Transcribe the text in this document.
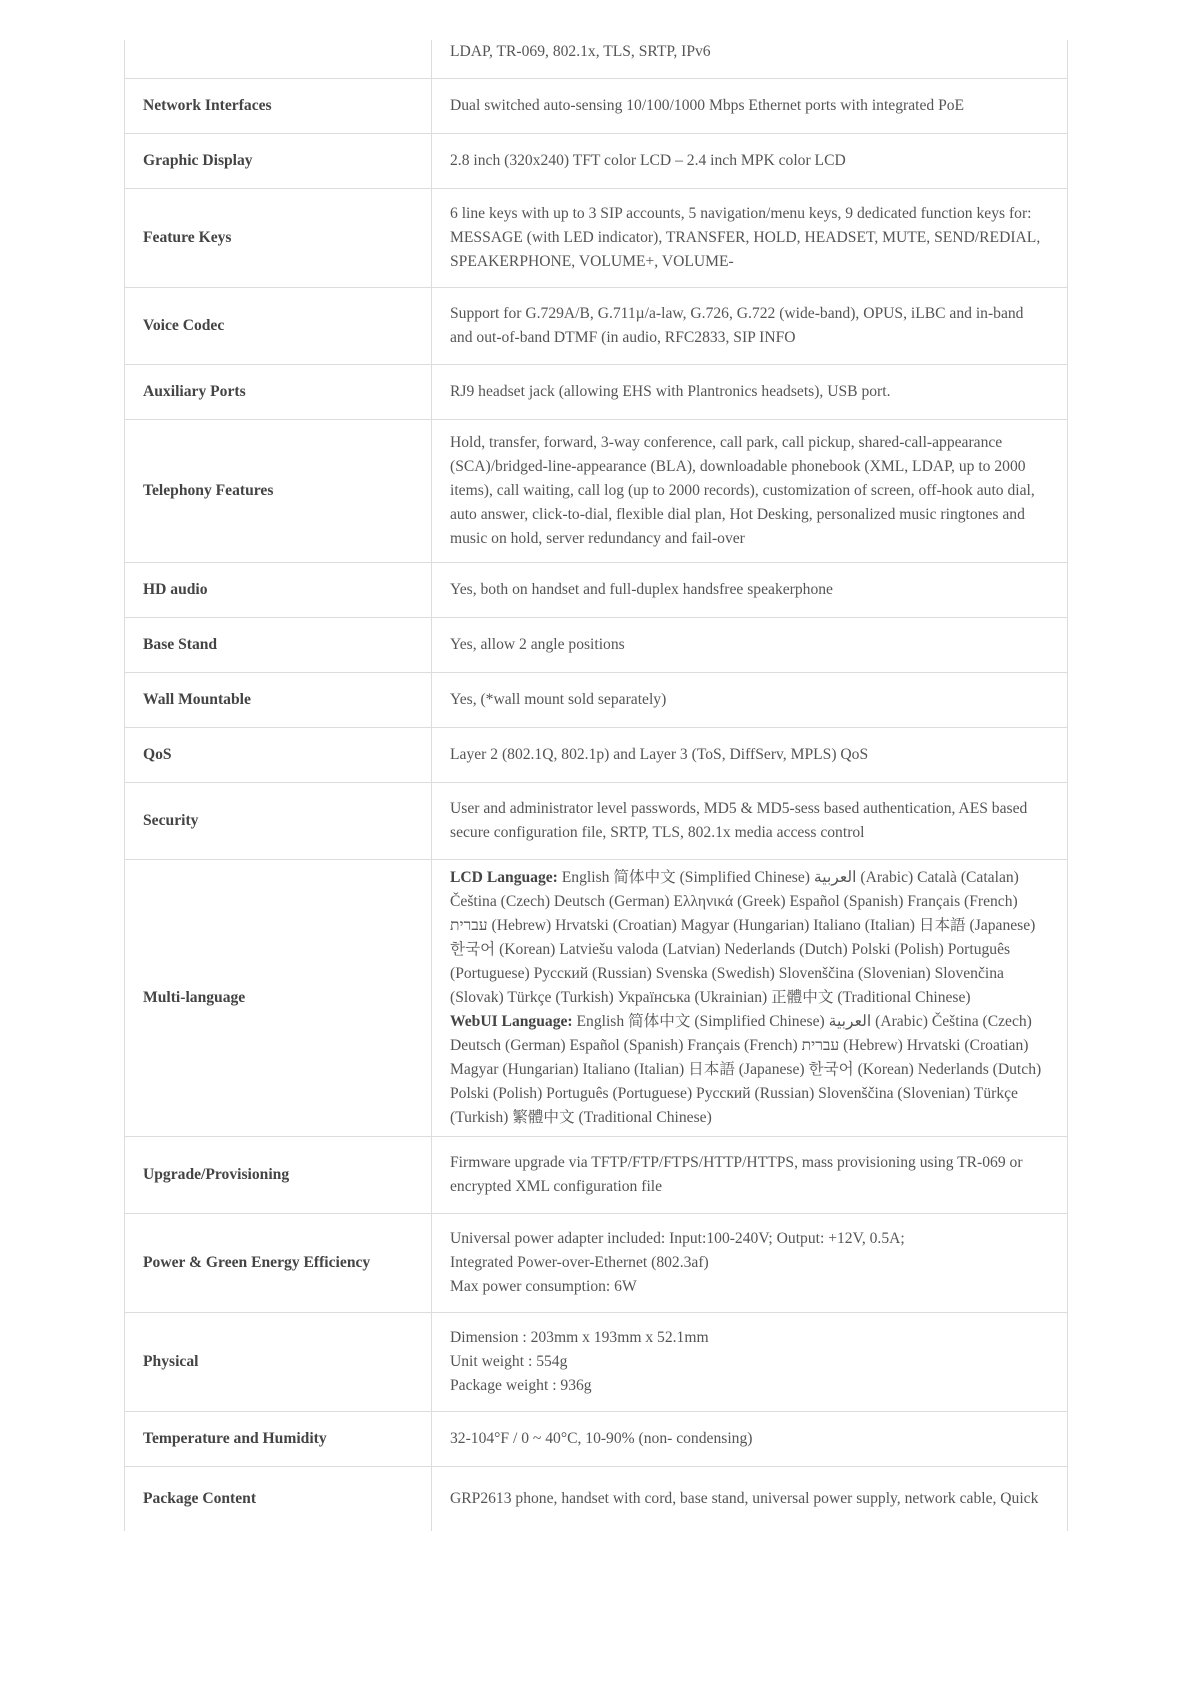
	LDAP, TR-069, 802.1x, TLS, SRTP, IPv6

Network Interfaces	Dual switched auto-sensing 10/100/1000 Mbps Ethernet ports with integrated PoE

Graphic Display	2.8 inch (320x240) TFT color LCD – 2.4 inch MPK color LCD

Feature Keys	6 line keys with up to 3 SIP accounts, 5 navigation/menu keys, 9 dedicated function keys for: MESSAGE (with LED indicator), TRANSFER, HOLD, HEADSET, MUTE, SEND/REDIAL, SPEAKERPHONE, VOLUME+, VOLUME-

Voice Codec	Support for G.729A/B, G.711µ/a-law, G.726, G.722 (wide-band), OPUS, iLBC and in-band and out-of-band DTMF (in audio, RFC2833, SIP INFO

Auxiliary Ports	RJ9 headset jack (allowing EHS with Plantronics headsets), USB port.

Telephony Features	Hold, transfer, forward, 3-way conference, call park, call pickup, shared-call-appearance (SCA)/bridged-line-appearance (BLA), downloadable phonebook (XML, LDAP, up to 2000 items), call waiting, call log (up to 2000 records), customization of screen, off-hook auto dial, auto answer, click-to-dial, flexible dial plan, Hot Desking, personalized music ringtones and music on hold, server redundancy and fail-over

HD audio	Yes, both on handset and full-duplex handsfree speakerphone

Base Stand	Yes, allow 2 angle positions

Wall Mountable	Yes, (*wall mount sold separately)

QoS	Layer 2 (802.1Q, 802.1p) and Layer 3 (ToS, DiffServ, MPLS) QoS

Security	User and administrator level passwords, MD5 & MD5-sess based authentication, AES based secure configuration file, SRTP, TLS, 802.1x media access control

Multi-language	LCD Language: English 简体中文 (Simplified Chinese) العربية (Arabic) Català (Catalan) Čeština (Czech) Deutsch (German) Ελληνικά (Greek) Español (Spanish) Français (French) עברית (Hebrew) Hrvatski (Croatian) Magyar (Hungarian) Italiano (Italian) 日本語 (Japanese) 한국어 (Korean) Latviešu valoda (Latvian) Nederlands (Dutch) Polski (Polish) Português (Portuguese) Русский (Russian) Svenska (Swedish) Slovenščina (Slovenian) Slovenčina (Slovak) Türkçe (Turkish) Українська (Ukrainian) 正體中文 (Traditional Chinese)
WebUI Language: English 简体中文 (Simplified Chinese) العربية (Arabic) Čeština (Czech) Deutsch (German) Español (Spanish) Français (French) עברית (Hebrew) Hrvatski (Croatian) Magyar (Hungarian) Italiano (Italian) 日本語 (Japanese) 한국어 (Korean) Nederlands (Dutch) Polski (Polish) Português (Portuguese) Русский (Russian) Slovenščina (Slovenian) Türkçe (Turkish) 繁體中文 (Traditional Chinese)

Upgrade/Provisioning	Firmware upgrade via TFTP/FTP/FTPS/HTTP/HTTPS, mass provisioning using TR-069 or encrypted XML configuration file

Power & Green Energy Efficiency	Universal power adapter included: Input:100-240V; Output: +12V, 0.5A;
Integrated Power-over-Ethernet (802.3af)
Max power consumption: 6W

Physical	Dimension : 203mm x 193mm x 52.1mm
Unit weight : 554g
Package weight : 936g

Temperature and Humidity	32-104°F / 0 ~ 40°C, 10-90% (non- condensing)

Package Content	GRP2613 phone, handset with cord, base stand, universal power supply, network cable, Quick
